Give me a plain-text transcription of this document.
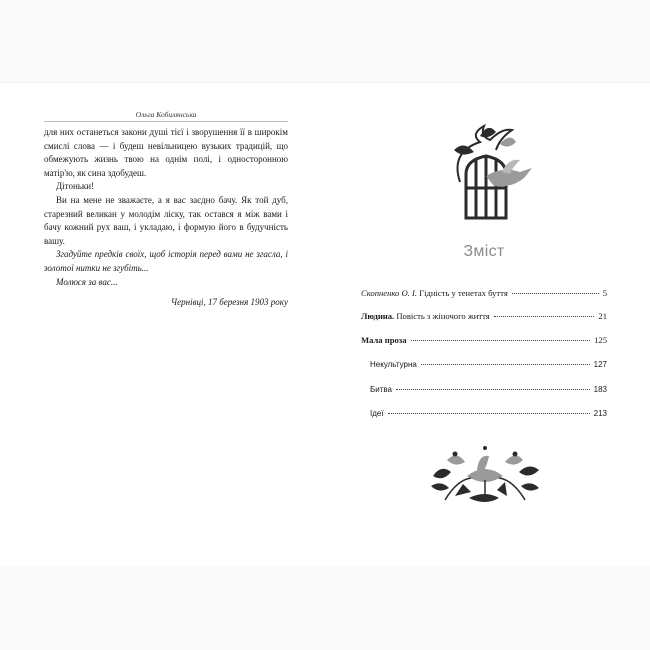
Ольга Кобилянська

для них останеться закони душі тієї і зворушення її в широкім смислі слова — і будеш невільницею вузьких традицій, що обмежують жизнь твою на однім полі, і односторонною матір'ю, як сина здобудеш.

Дітоньки!

Ви на мене не зважаєте, а я вас заєдно бачу. Як той дуб, старезний великан у молодім ліску, так остався я між вами і бачу кожний рух ваш, і укладаю, і формую його в будучність вашу.

Згадуйте предків своїх, щоб історія перед вами не згасла, і золотої нитки не згубіть...

Молюся за вас...

Чернівці, 17 березня 1903 року

Зміст
Скопненко О. І. Гідність у тенетах буття	5
Людина. Повість з жіночого життя	21
Мала проза	125
Некультурна	127
Битва	183
Ідеї	213
